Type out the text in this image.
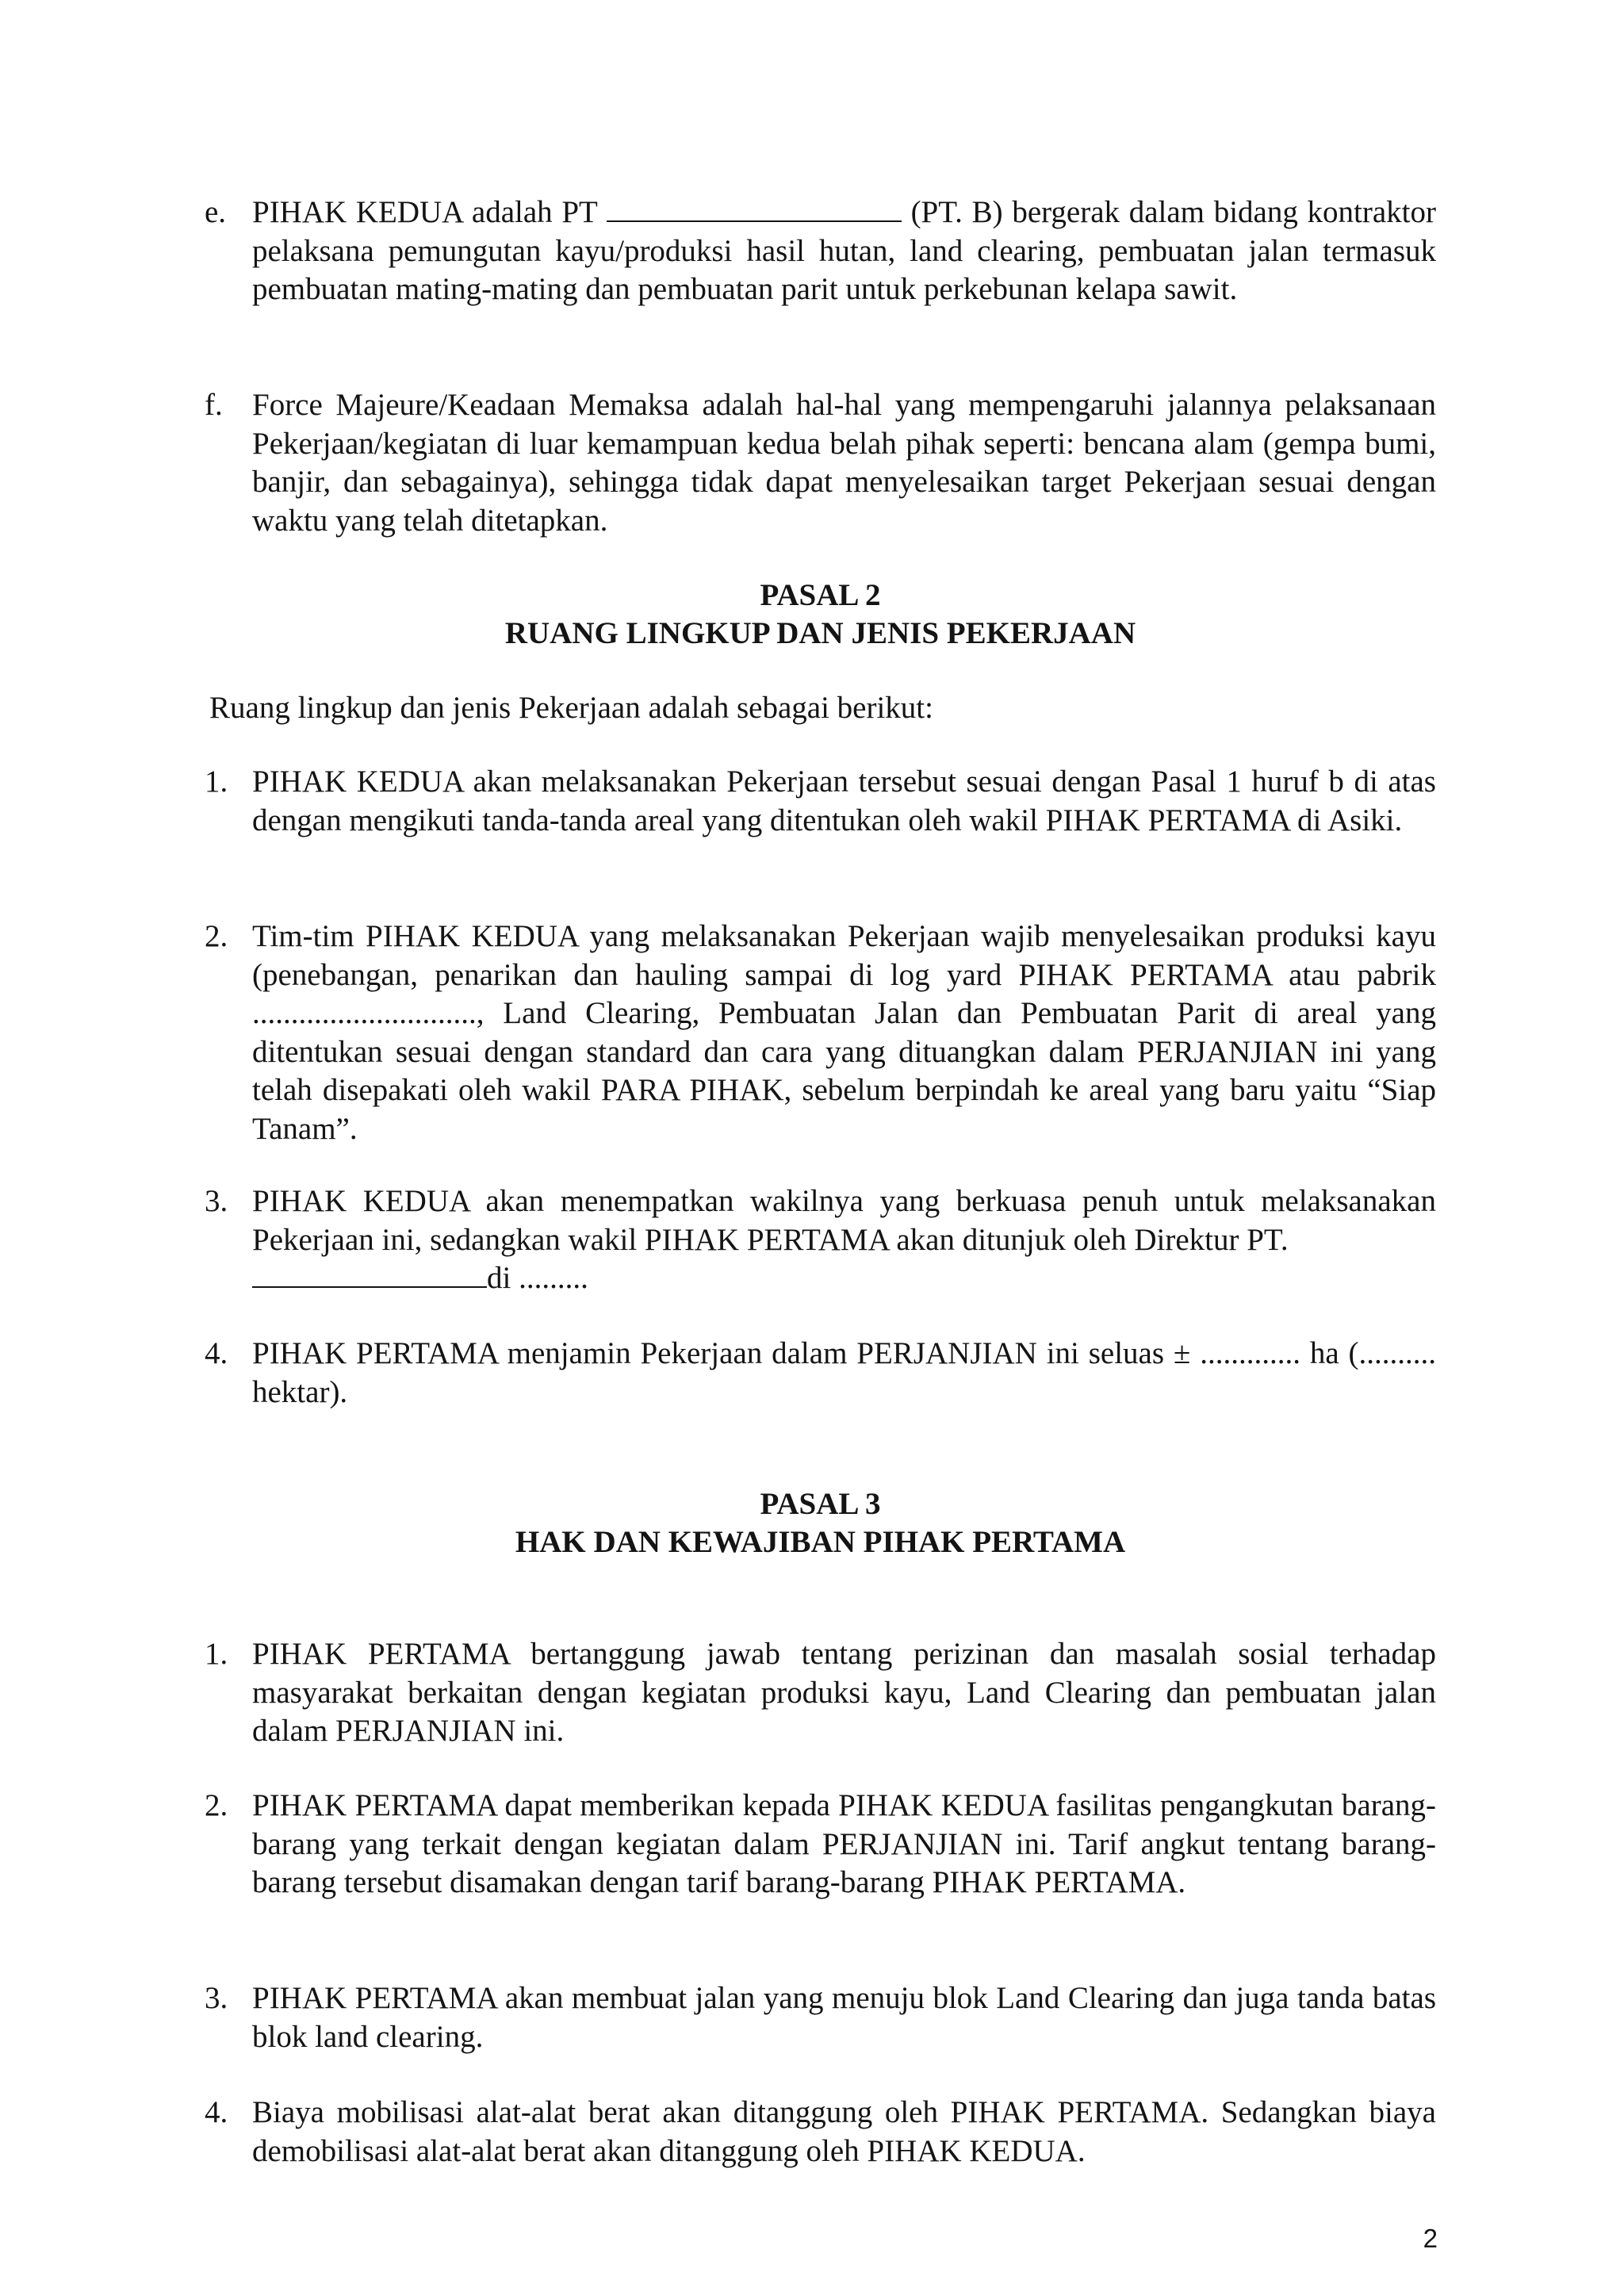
e. PIHAK KEDUA adalah PT	(PT. B) bergerak dalam bidang kontraktor pelaksana pemungutan kayu/produksi hasil hutan, land clearing, pembuatan jalan termasuk pembuatan mating-mating dan pembuatan parit untuk perkebunan kelapa sawit.
f. Force Majeure/Keadaan Memaksa adalah hal-hal yang mempengaruhi jalannya pelaksanaan Pekerjaan/kegiatan di luar kemampuan kedua belah pihak seperti: bencana alam (gempa bumi, banjir, dan sebagainya), sehingga tidak dapat menyelesaikan target Pekerjaan sesuai dengan waktu yang telah ditetapkan.
PASAL 2
RUANG LINGKUP DAN JENIS PEKERJAAN
Ruang lingkup dan jenis Pekerjaan adalah sebagai berikut:
1. PIHAK KEDUA akan melaksanakan Pekerjaan tersebut sesuai dengan Pasal 1 huruf b di atas dengan mengikuti tanda-tanda areal yang ditentukan oleh wakil PIHAK PERTAMA di Asiki.
2. Tim-tim PIHAK KEDUA yang melaksanakan Pekerjaan wajib menyelesaikan produksi kayu (penebangan, penarikan dan hauling sampai di log yard PIHAK PERTAMA atau pabrik ............................., Land Clearing, Pembuatan Jalan dan Pembuatan Parit di areal yang ditentukan sesuai dengan standard dan cara yang dituangkan dalam PERJANJIAN ini yang telah disepakati oleh wakil PARA PIHAK, sebelum berpindah ke areal yang baru yaitu “Siap Tanam”.
3. PIHAK KEDUA akan menempatkan wakilnya yang berkuasa penuh untuk melaksanakan Pekerjaan ini, sedangkan wakil PIHAK PERTAMA akan ditunjuk oleh Direktur PT.
di .........
4. PIHAK PERTAMA menjamin Pekerjaan dalam PERJANJIAN ini seluas ± ............. ha (.......... hektar).
PASAL 3
HAK DAN KEWAJIBAN PIHAK PERTAMA
1. PIHAK PERTAMA bertanggung jawab tentang perizinan dan masalah sosial terhadap masyarakat berkaitan dengan kegiatan produksi kayu, Land Clearing dan pembuatan jalan dalam PERJANJIAN ini.
2. PIHAK PERTAMA dapat memberikan kepada PIHAK KEDUA fasilitas pengangkutan barang-barang yang terkait dengan kegiatan dalam PERJANJIAN ini. Tarif angkut tentang barang-barang tersebut disamakan dengan tarif barang-barang PIHAK PERTAMA.
3. PIHAK PERTAMA akan membuat jalan yang menuju blok Land Clearing dan juga tanda batas blok land clearing.
4. Biaya mobilisasi alat-alat berat akan ditanggung oleh PIHAK PERTAMA. Sedangkan biaya demobilisasi alat-alat berat akan ditanggung oleh PIHAK KEDUA.
2
